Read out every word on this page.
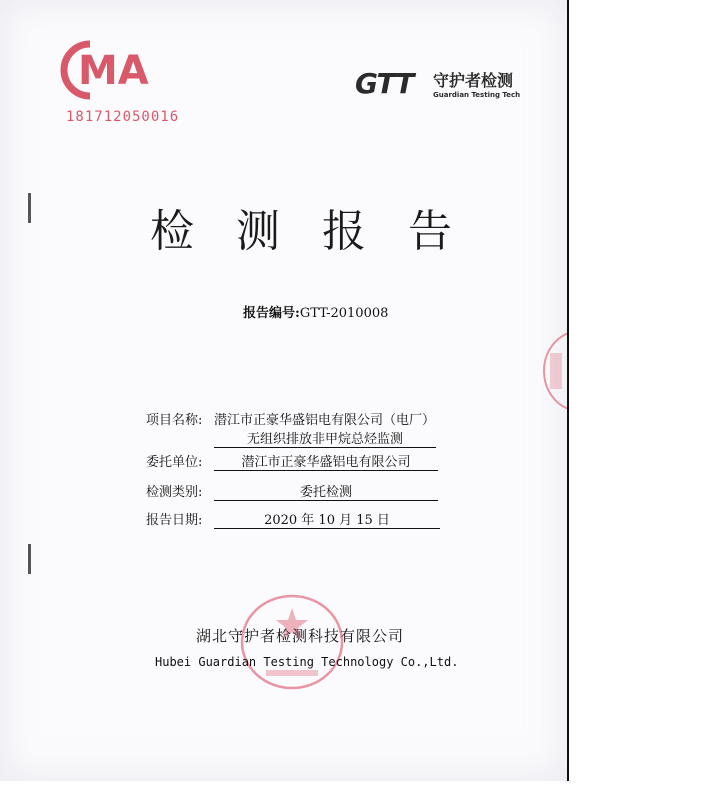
MA
181712050016
GTT 守护者检测
Guardian Testing Tech
检测报告
报告编号:GTT-2010008
项目名称: 潜江市正豪华盛铝电有限公司（电厂）
无组织排放非甲烷总烃监测
委托单位:	潜江市正豪华盛铝电有限公司
检测类别:	委托检测
报告日期:	2020 年 10 月 15 日
湖北守护者检测科技有限公司
Hubei Guardian Testing Technology Co.,Ltd.
